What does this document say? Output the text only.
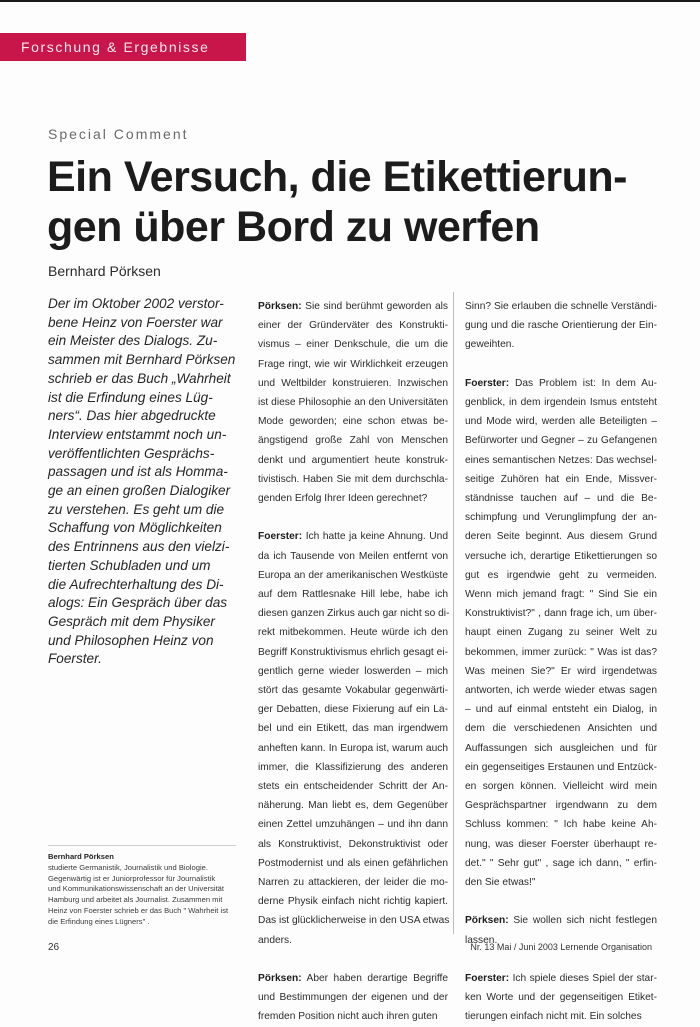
Forschung & Ergebnisse
Special Comment
Ein Versuch, die Etikettierun-
gen über Bord zu werfen
Bernhard Pörksen
Der im Oktober 2002 verstor-
bene Heinz von Foerster war
ein Meister des Dialogs. Zu-
sammen mit Bernhard Pörksen
schrieb er das Buch „Wahrheit
ist die Erfindung eines Lüg-
ners“. Das hier abgedruckte
Interview entstammt noch un-
veröffentlichten Gesprächs-
passagen und ist als Homma-
ge an einen großen Dialogiker
zu verstehen. Es geht um die
Schaffung von Möglichkeiten
des Entrinnens aus den vielzi-
tierten Schubladen und um
die Aufrechterhaltung des Di-
alogs: Ein Gespräch über das
Gespräch mit dem Physiker
und Philosophen Heinz von
Foerster.
Bernhard Pörksen
studierte Germanistik, Journalistik und Biologie.
Gegenwärtig ist er Juniorprofessor für Journalistik
und Kommunikationswissenschaft an der Universität
Hamburg und arbeitet als Journalist. Zusammen mit
Heinz von Foerster schrieb er das Buch " Wahrheit ist
die Erfindung eines Lügners" .
Pörksen: Sie sind berühmt geworden als
einer der Gründerväter des Konstrukti-
vismus – einer Denkschule, die um die
Frage ringt, wie wir Wirklichkeit erzeugen
und Weltbilder konstruieren. Inzwischen
ist diese Philosophie an den Universitäten
Mode geworden; eine schon etwas be-
ängstigend große Zahl von Menschen
denkt und argumentiert heute konstruk-
tivistisch. Haben Sie mit dem durchschla-
genden Erfolg Ihrer Ideen gerechnet?
Foerster: Ich hatte ja keine Ahnung. Und
da ich Tausende von Meilen entfernt von
Europa an der amerikanischen Westküste
auf dem Rattlesnake Hill lebe, habe ich
diesen ganzen Zirkus auch gar nicht so di-
rekt mitbekommen. Heute würde ich den
Begriff Konstruktivismus ehrlich gesagt ei-
gentlich gerne wieder loswerden – mich
stört das gesamte Vokabular gegenwärti-
ger Debatten, diese Fixierung auf ein La-
bel und ein Etikett, das man irgendwem
anheften kann. In Europa ist, warum auch
immer, die Klassifizierung des anderen
stets ein entscheidender Schritt der An-
näherung. Man liebt es, dem Gegenüber
einen Zettel umzuhängen – und ihn dann
als Konstruktivist, Dekonstruktivist oder
Postmodernist und als einen gefährlichen
Narren zu attackieren, der leider die mo-
derne Physik einfach nicht richtig kapiert.
Das ist glücklicherweise in den USA etwas
anders.
Pörksen: Aber haben derartige Begriffe
und Bestimmungen der eigenen und der
fremden Position nicht auch ihren guten
Sinn? Sie erlauben die schnelle Verständi-
gung und die rasche Orientierung der Ein-
geweihten.
Foerster: Das Problem ist: In dem Au-
genblick, in dem irgendein Ismus entsteht
und Mode wird, werden alle Beteiligten –
Befürworter und Gegner – zu Gefangenen
eines semantischen Netzes: Das wechsel-
seitige Zuhören hat ein Ende, Missver-
ständnisse tauchen auf – und die Be-
schimpfung und Verunglimpfung der an-
deren Seite beginnt. Aus diesem Grund
versuche ich, derartige Etikettierungen so
gut es irgendwie geht zu vermeiden.
Wenn mich jemand fragt: " Sind Sie ein
Konstruktivist?" , dann frage ich, um über-
haupt einen Zugang zu seiner Welt zu
bekommen, immer zurück: " Was ist das?
Was meinen Sie?" Er wird irgendetwas
antworten, ich werde wieder etwas sagen
– und auf einmal entsteht ein Dialog, in
dem die verschiedenen Ansichten und
Auffassungen sich ausgleichen und für
ein gegenseitiges Erstaunen und Entzück-
en sorgen können. Vielleicht wird mein
Gesprächspartner irgendwann zu dem
Schluss kommen: " Ich habe keine Ah-
nung, was dieser Foerster überhaupt re-
det." " Sehr gut" , sage ich dann, " erfin-
den Sie etwas!"
Pörksen: Sie wollen sich nicht festlegen
lassen.
Foerster: Ich spiele dieses Spiel der star-
ken Worte und der gegenseitigen Etiket-
tierungen einfach nicht mit. Ein solches
26	Nr. 13 Mai / Juni 2003 Lernende Organisation
